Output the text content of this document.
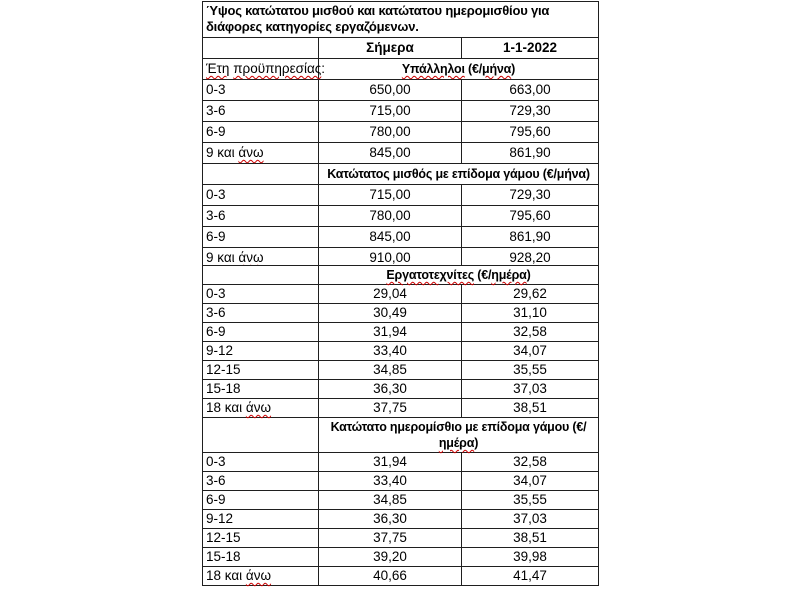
Ύψος κατώτατου μισθού και κατώτατου ημερομισθίου για διάφορες κατηγορίες εργαζόμενων.		
	Σήμερα	1-1-2022
Έτη προϋπηρεσίας:	Υπάλληλοι (€/μήνα)	
0-3	650,00	663,00
3-6	715,00	729,30
6-9	780,00	795,60
9 και άνω	845,00	861,90
	Κατώτατος μισθός με επίδομα γάμου (€/μήνα)	
0-3	715,00	729,30
3-6	780,00	795,60
6-9	845,00	861,90
9 και άνω	910,00	928,20
	Εργατοτεχνίτες (€/ημέρα)	
0-3	29,04	29,62
3-6	30,49	31,10
6-9	31,94	32,58
9-12	33,40	34,07
12-15	34,85	35,55
15-18	36,30	37,03
18 και άνω	37,75	38,51
	Κατώτατο ημερομίσθιο με επίδομα γάμου (€/ημέρα)	
0-3	31,94	32,58
3-6	33,40	34,07
6-9	34,85	35,55
9-12	36,30	37,03
12-15	37,75	38,51
15-18	39,20	39,98
18 και άνω	40,66	41,47
